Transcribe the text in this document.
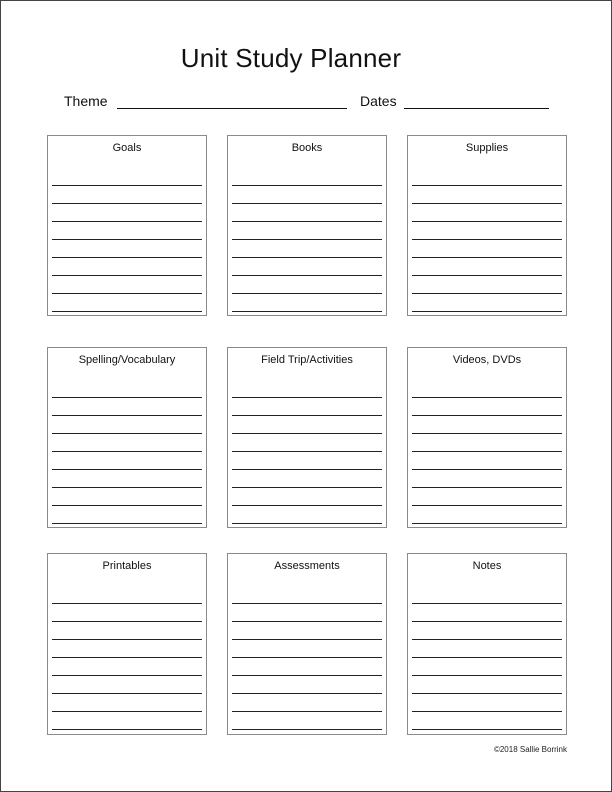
Unit Study Planner
Theme	Dates
Goals	Books	Supplies
Spelling/Vocabulary	Field Trip/Activities	Videos, DVDs
Printables	Assessments	Notes
©2018 Sallie Borrink
